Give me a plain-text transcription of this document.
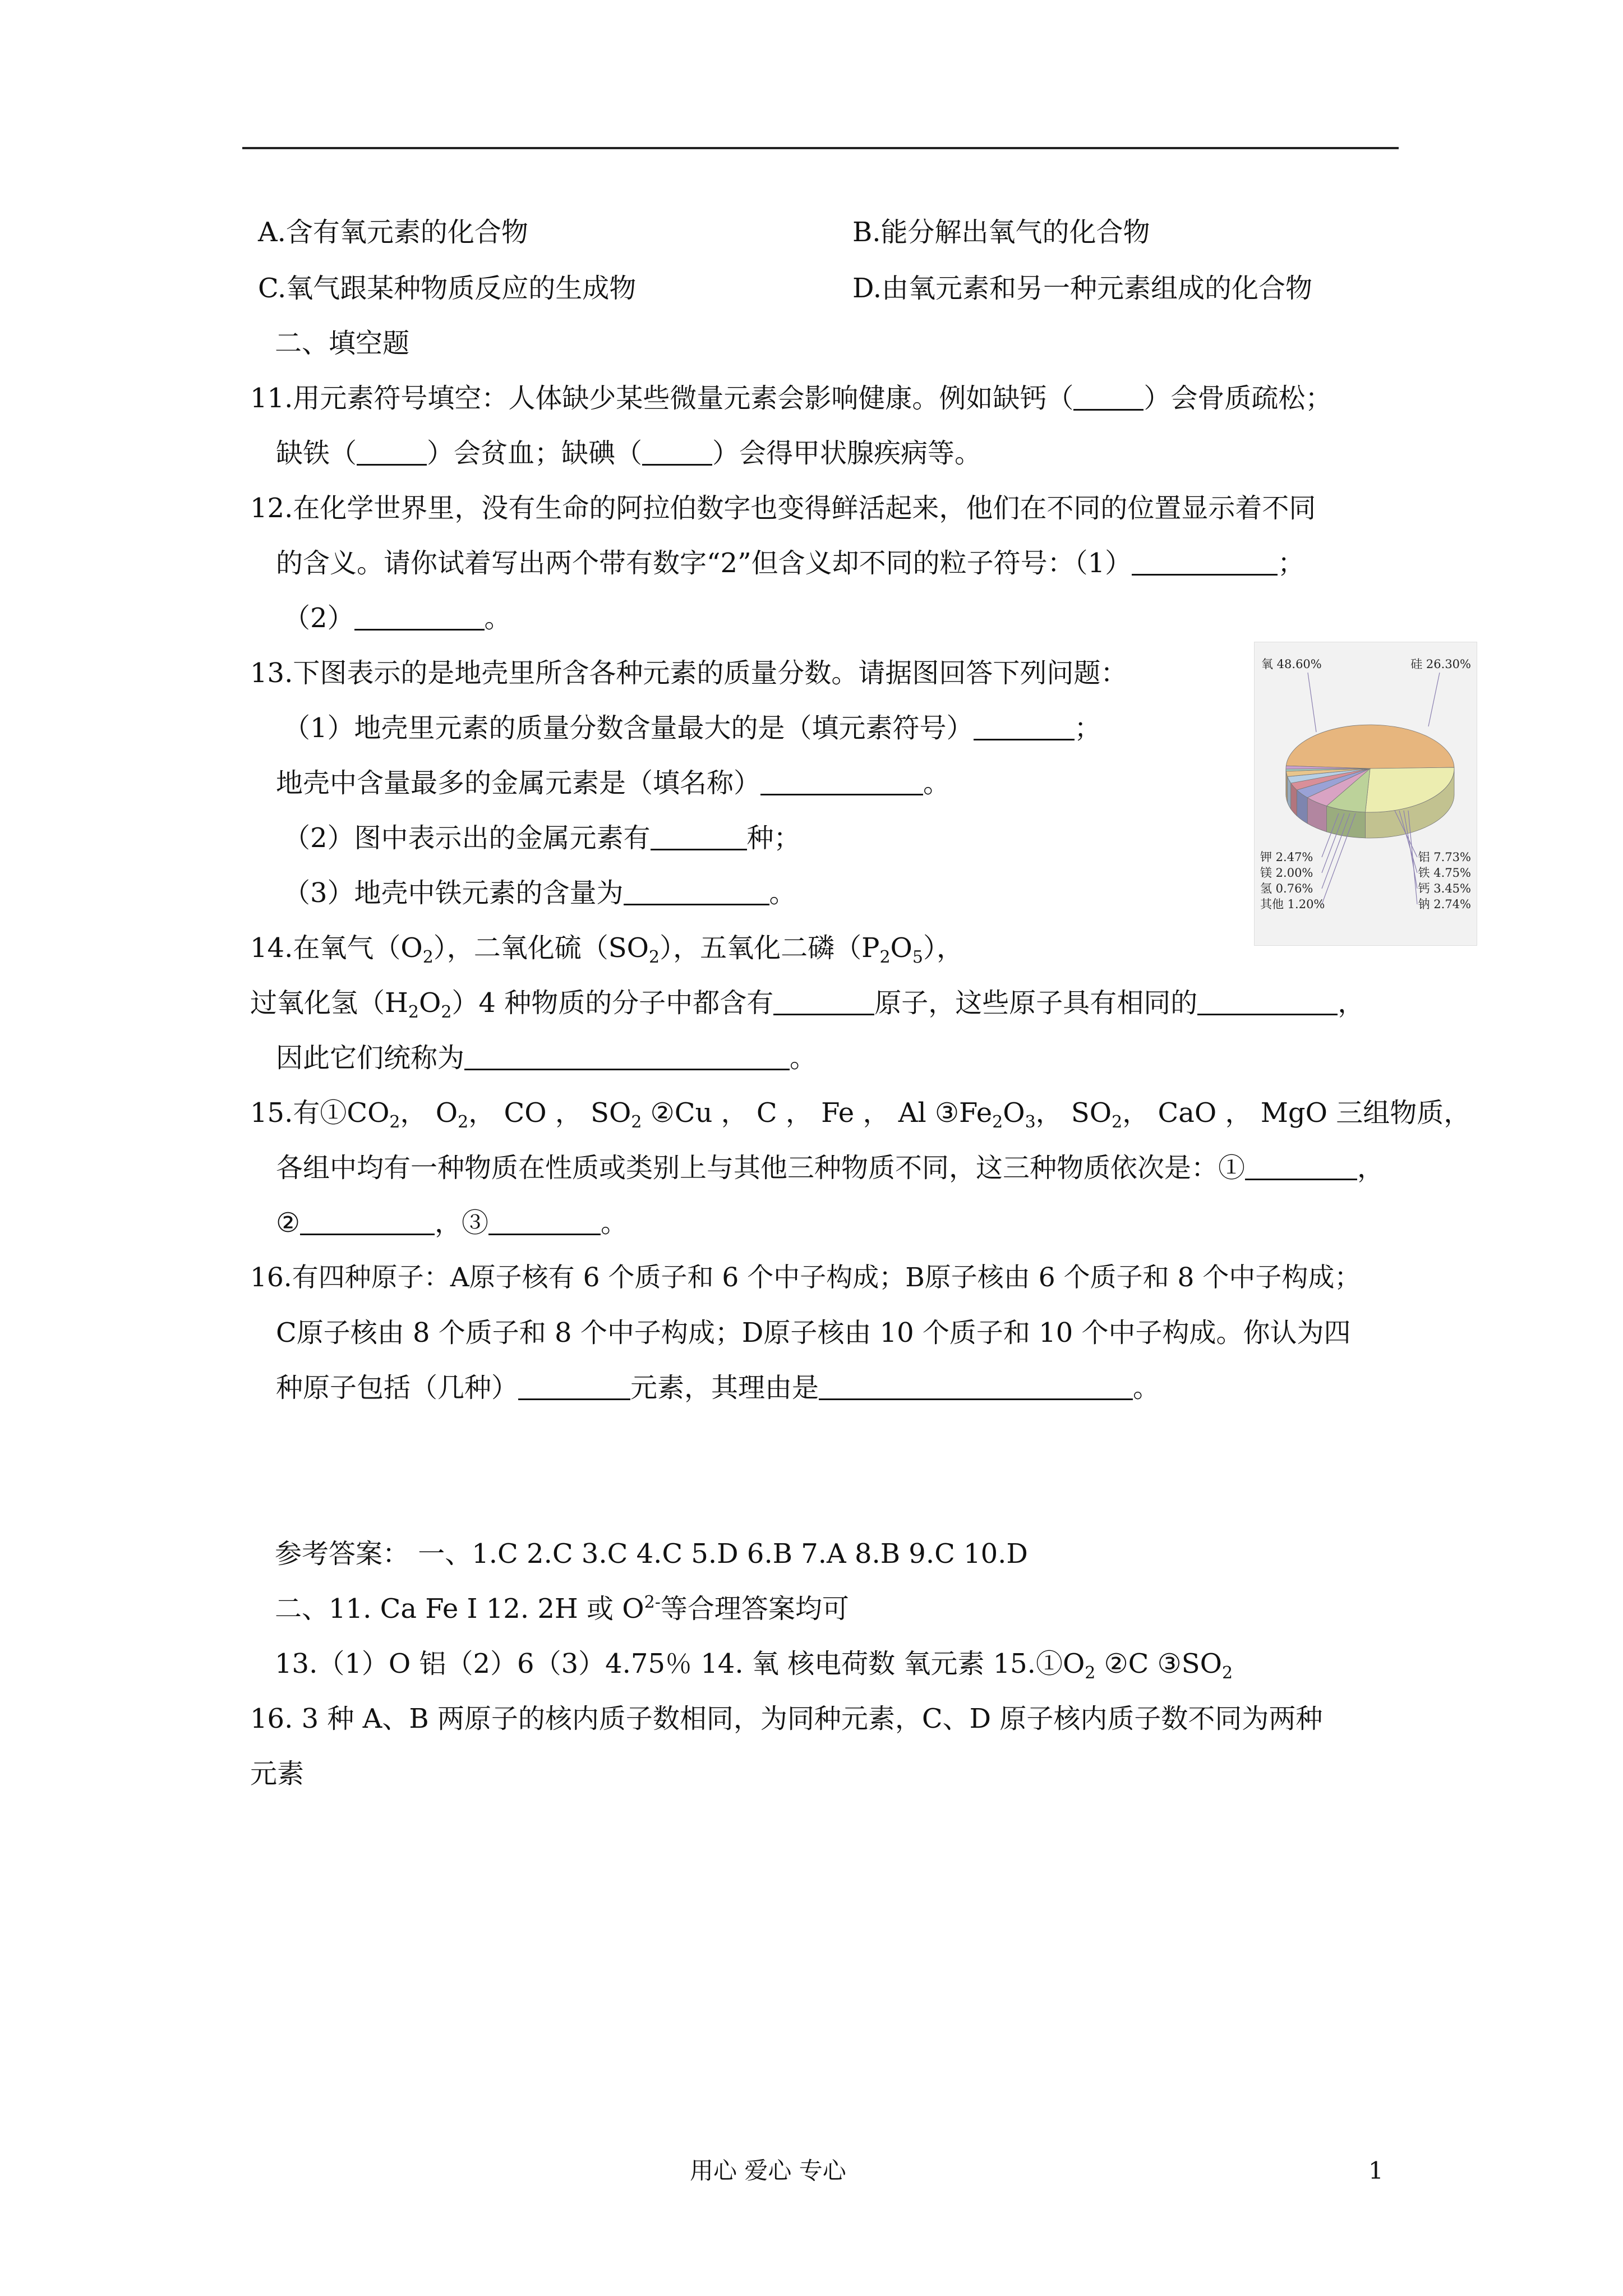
A.含有氧元素的化合物	B.能分解出氧气的化合物
C.氧气跟某种物质反应的生成物	D.由氧元素和另一种元素组成的化合物
二、填空题
11.用元素符号填空：人体缺少某些微量元素会影响健康。例如缺钙（	）会骨质疏松；
缺铁（	）会贫血；缺碘（	）会得甲状腺疾病等。
12.在化学世界里，没有生命的阿拉伯数字也变得鲜活起来，他们在不同的位置显示着不同
的含义。请你试着写出两个带有数字“2”但含义却不同的粒子符号：（1）	；
（2）	。
13.下图表示的是地壳里所含各种元素的质量分数。请据图回答下列问题：
（1）地壳里元素的质量分数含量最大的是（填元素符号）	；
地壳中含量最多的金属元素是（填名称）	。
（2）图中表示出的金属元素有	种；
（3）地壳中铁元素的含量为	。
氧 48.60%	硅 26.30%
铝 7.73%
铁 4.75%
钙 3.45%
钠 2.74%
钾 2.47%
镁 2.00%
氢 0.76%
其他 1.20%
14.在氧气$(O_2)$，二氧化硫$(SO_2)$，五氧化二磷$(P_2O_5)$，
过氧化氢$(H_2O_2)4$ 种物质的分子中都含有	原子，这些原子具有相同的	，
因此它们统称为	。
15.有$①CO_2$， $O_2$， CO ， $SO_2$ ②Cu ， C ， Fe ， Al $③Fe_2O_3$， $SO_2$， CaO ， MgO 三组物质，
各组中均有一种物质在性质或类别上与其他三种物质不同，这三种物质依次是：①	，
②	，③	。
16.有四种原子：A原子核有 6 个质子和 6 个中子构成；B原子核由 6 个质子和 8 个中子构成；
C原子核由 8 个质子和 8 个中子构成；D原子核由 10 个质子和 10 个中子构成。你认为四
种原子包括（几种）	元素，其理由是	。
参考答案： 一、1.C 2.C 3.C 4.C 5.D 6.B 7.A 8.B 9.C 10.D
二、11. Ca Fe I 12. 2H 或 $O^{2-}$等合理答案均可
13.（1）O 铝（2）6（3）4.75％ 14. 氧 核电荷数 氧元素 $15.①O_2$ ②C $③SO_2$
16. 3 种 A、B 两原子的核内质子数相同，为同种元素，C、D 原子核内质子数不同为两种
元素
用心 爱心 专心	1
